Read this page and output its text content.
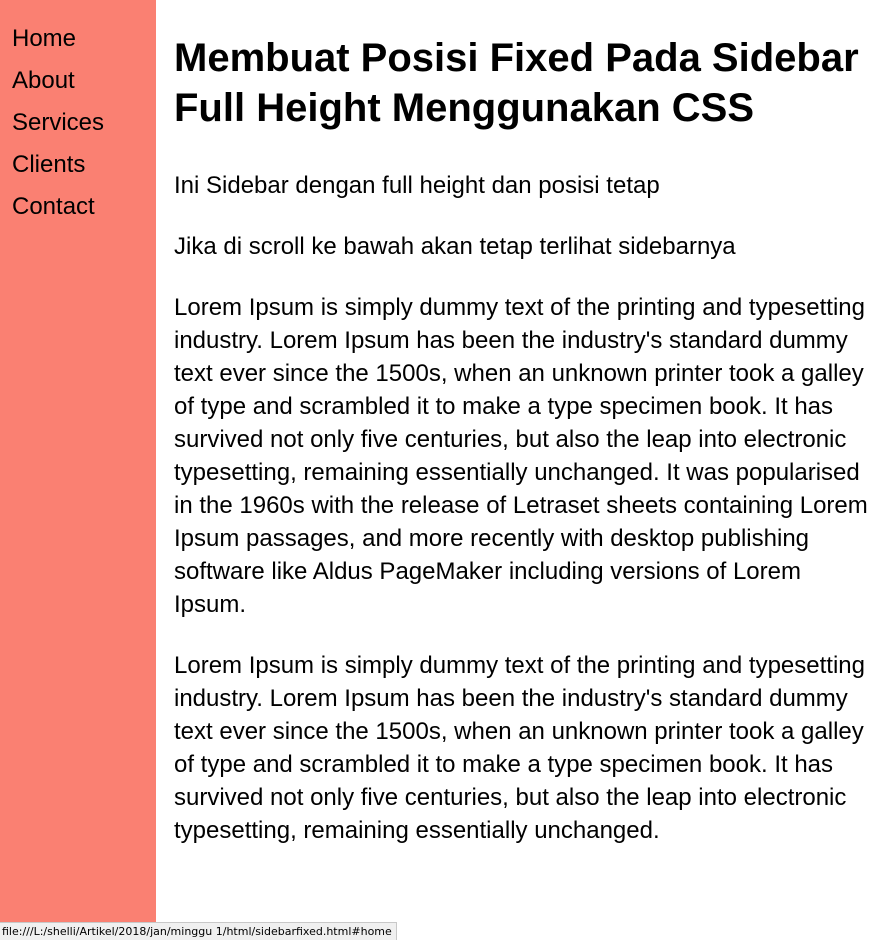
Home
About
Services
Clients
Contact
Membuat Posisi Fixed Pada Sidebar Full Height Menggunakan CSS

Ini Sidebar dengan full height dan posisi tetap

Jika di scroll ke bawah akan tetap terlihat sidebarnya

Lorem Ipsum is simply dummy text of the printing and typesetting industry. Lorem Ipsum has been the industry's standard dummy text ever since the 1500s, when an unknown printer took a galley of type and scrambled it to make a type specimen book. It has survived not only five centuries, but also the leap into electronic typesetting, remaining essentially unchanged. It was popularised in the 1960s with the release of Letraset sheets containing Lorem Ipsum passages, and more recently with desktop publishing software like Aldus PageMaker including versions of Lorem Ipsum.

Lorem Ipsum is simply dummy text of the printing and typesetting industry. Lorem Ipsum has been the industry's standard dummy text ever since the 1500s, when an unknown printer took a galley of type and scrambled it to make a type specimen book. It has survived not only five centuries, but also the leap into electronic typesetting, remaining essentially unchanged.

file:///L:/shelli/Artikel/2018/jan/minggu 1/html/sidebarfixed.html#home
